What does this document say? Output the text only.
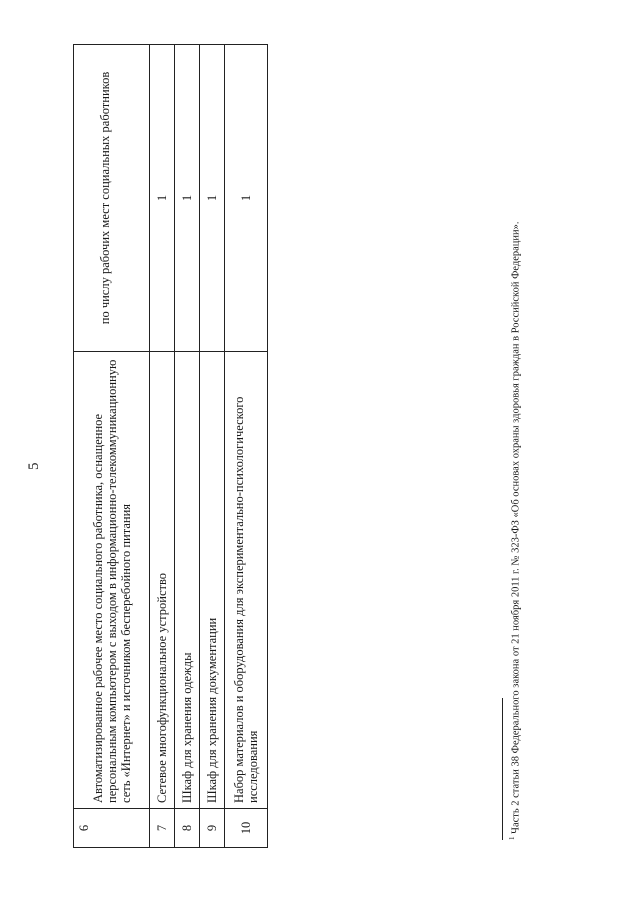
5
6	Автоматизированное рабочее место социального работника, оснащенное персональным компьютером с выходом в информационно-телекоммуникационную сеть «Интернет» и источником бесперебойного питания	по числу рабочих мест социальных работников
7	Сетевое многофункциональное устройство	1
8	Шкаф для хранения одежды	1
9	Шкаф для хранения документации	1
10	Набор материалов и оборудования для экспериментально-психологического исследования	1
$^1$ Часть 2 статьи 38 Федерального закона от 21 ноября 2011 г. № 323-ФЗ «Об основах охраны здоровья граждан в Российской Федерации».
